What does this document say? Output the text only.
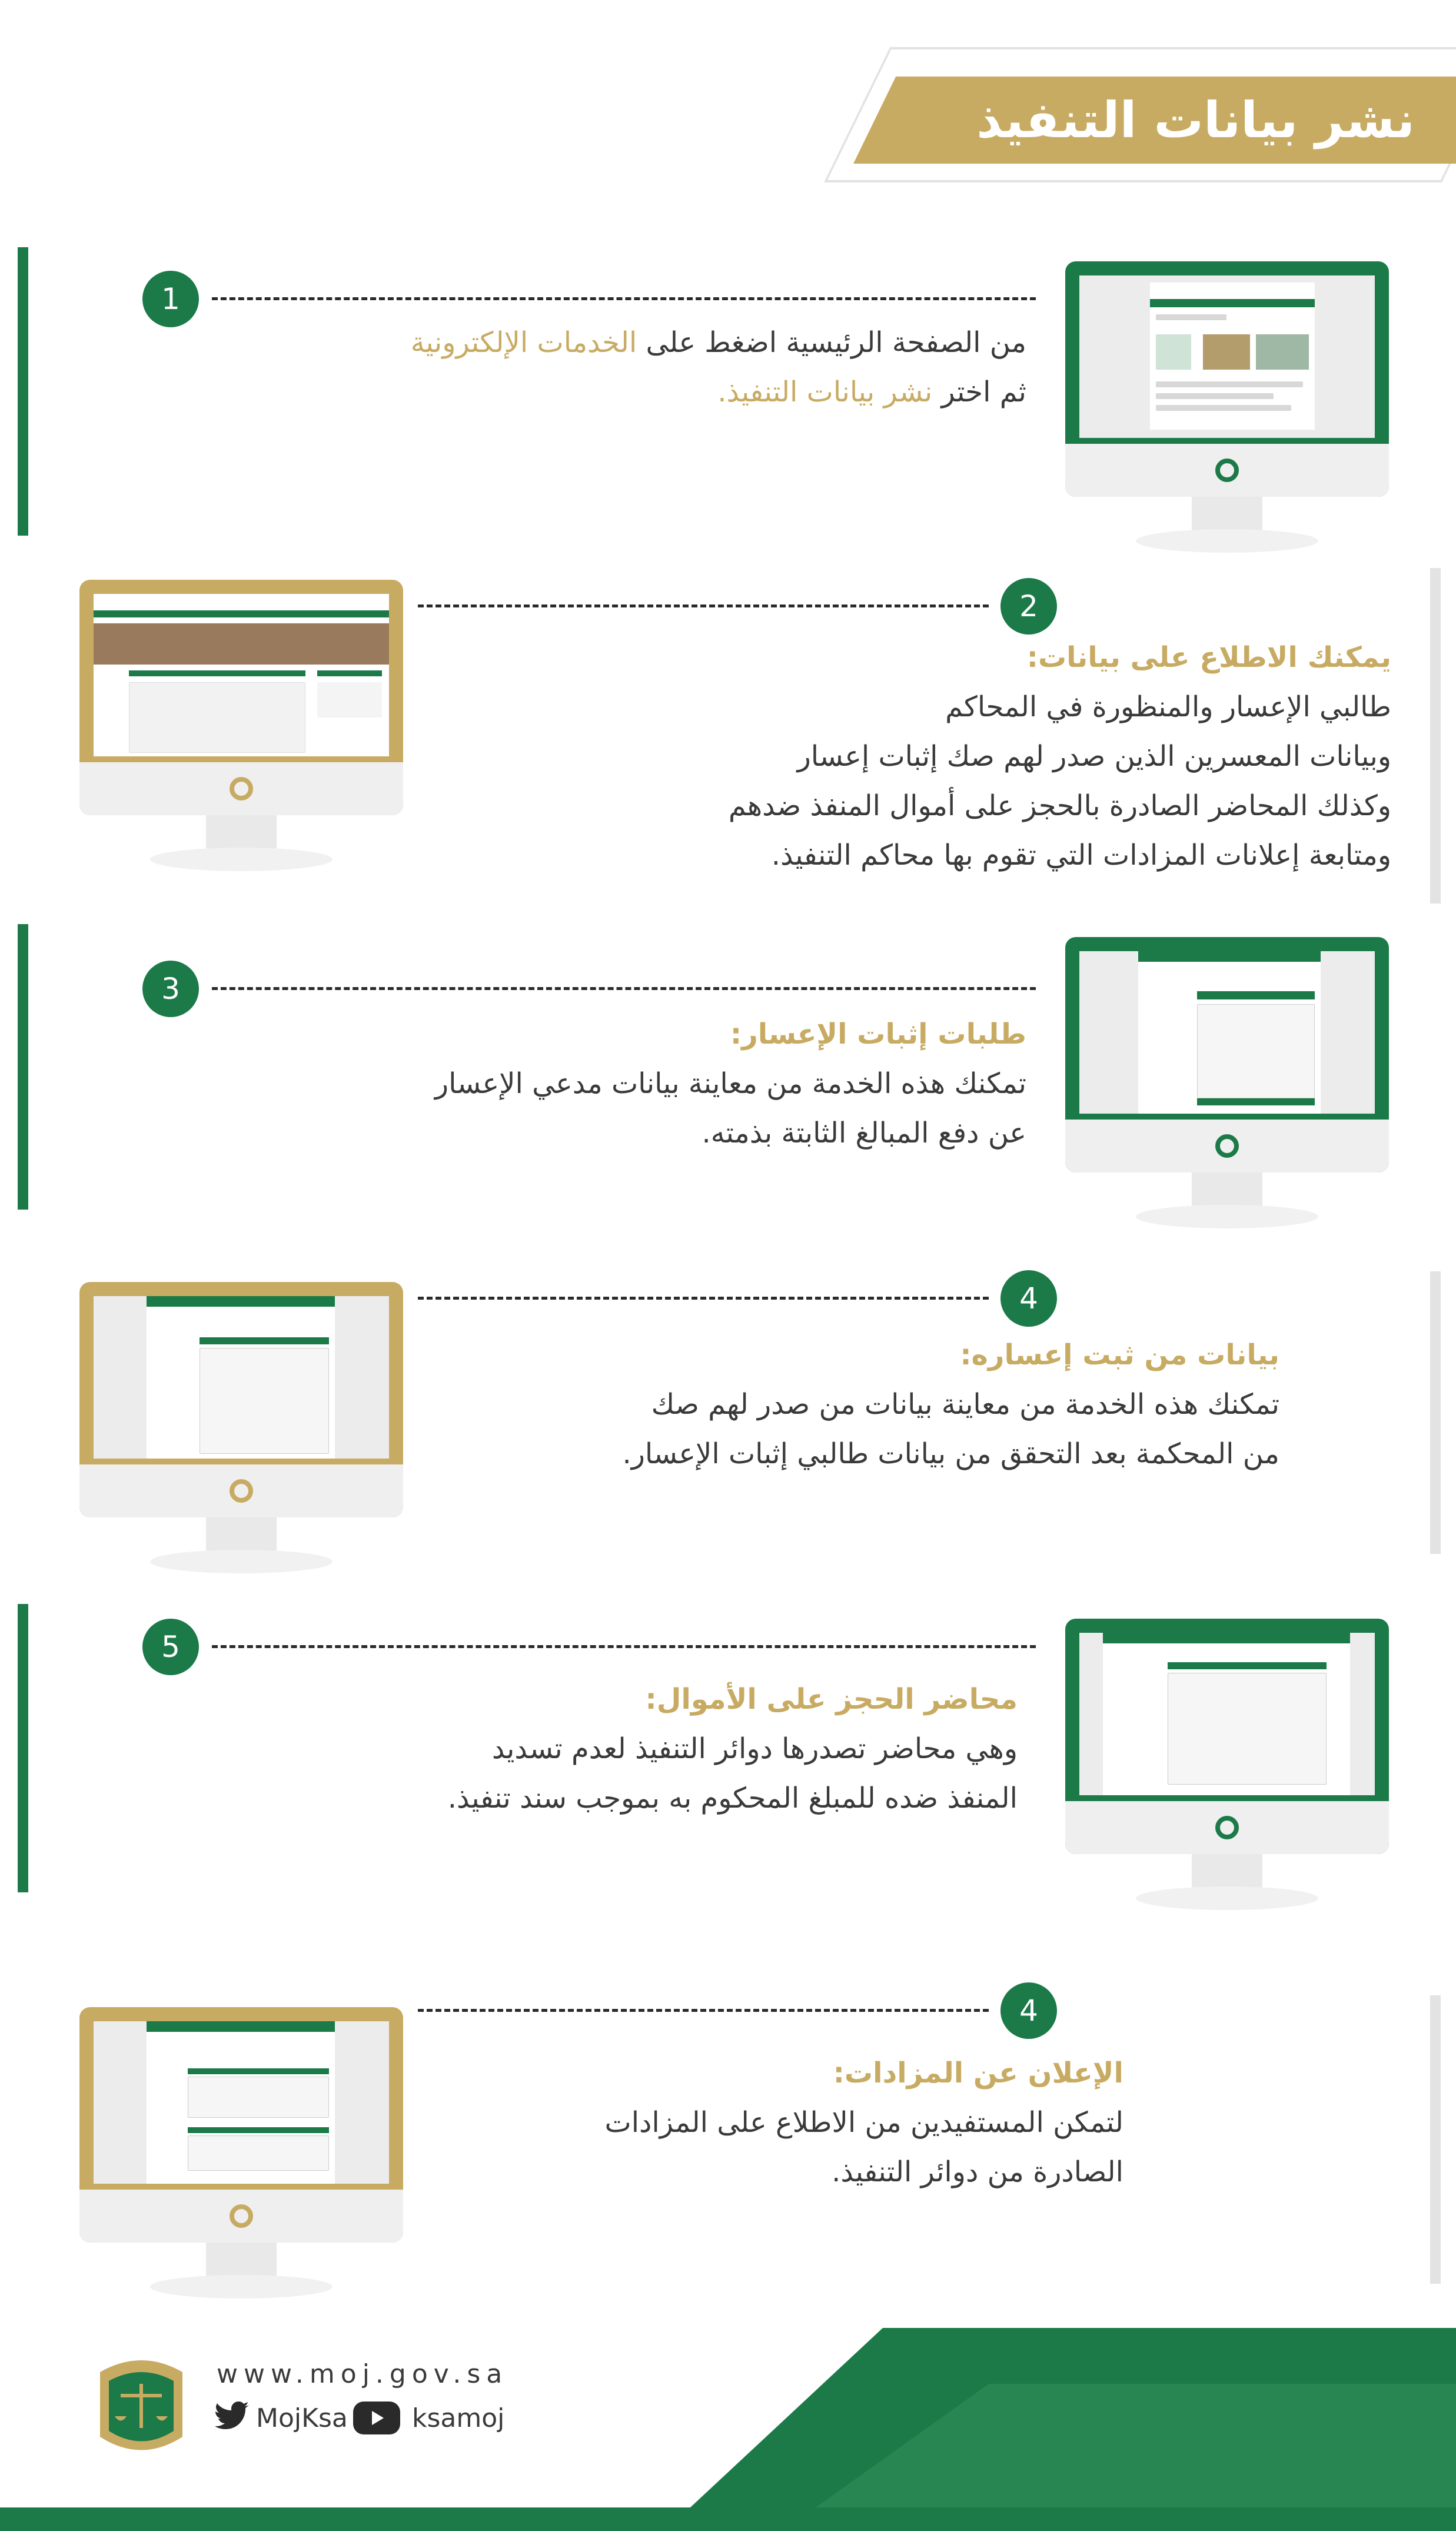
نشر بيانات التنفيذ
1
من الصفحة الرئيسية اضغط على الخدمات الإلكترونية
ثم اختر نشر بيانات التنفيذ.
2
يمكنك الاطلاع على بيانات:
طالبي الإعسار والمنظورة في المحاكم
وبيانات المعسرين الذين صدر لهم صك إثبات إعسار
وكذلك المحاضر الصادرة بالحجز على أموال المنفذ ضدهم
ومتابعة إعلانات المزادات التي تقوم بها محاكم التنفيذ.
3
طلبات إثبات الإعسار:
تمكنك هذه الخدمة من معاينة بيانات مدعي الإعسار
عن دفع المبالغ الثابتة بذمته.
4
بيانات من ثبت إعساره:
تمكنك هذه الخدمة من معاينة بيانات من صدر لهم صك
من المحكمة بعد التحقق من بيانات طالبي إثبات الإعسار.
5
محاضر الحجز على الأموال:
وهي محاضر تصدرها دوائر التنفيذ لعدم تسديد
المنفذ ضده للمبلغ المحكوم به بموجب سند تنفيذ.
4
الإعلان عن المزادات:
لتمكن المستفيدين من الاطلاع على المزادات
الصادرة من دوائر التنفيذ.
www.moj.gov.sa
MojKsa ksamoj
